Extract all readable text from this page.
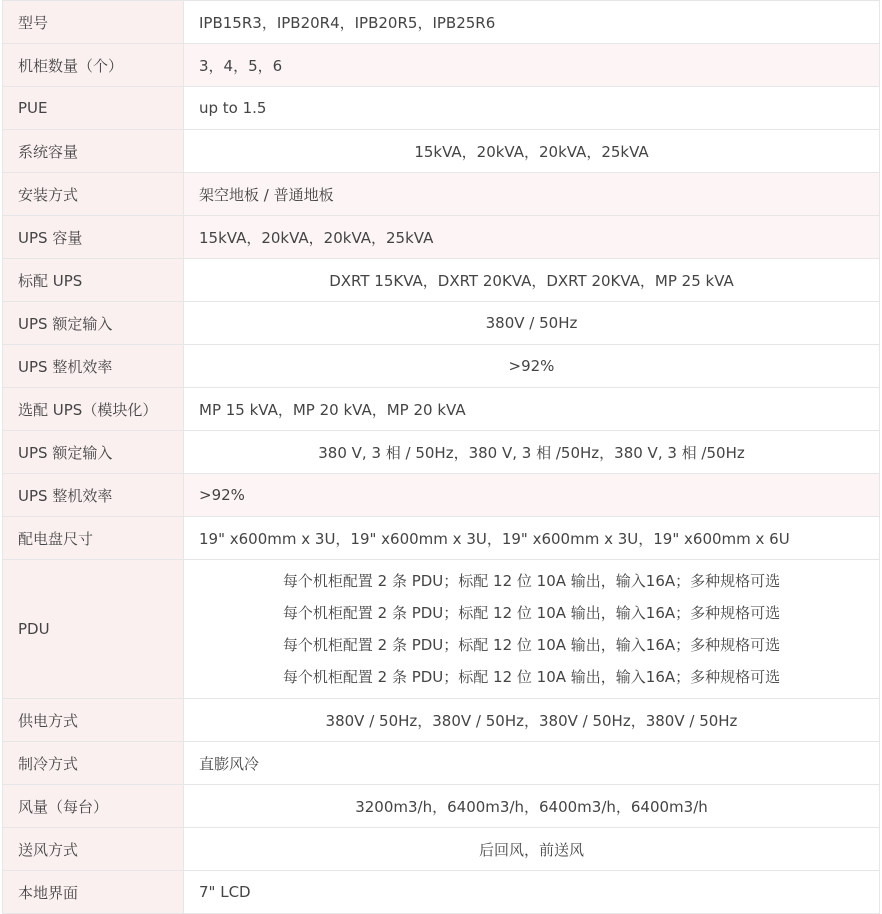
型号	IPB15R3，IPB20R4，IPB20R5，IPB25R6
机柜数量（个）	3，4，5，6
PUE	up to 1.5
系统容量	15kVA，20kVA，20kVA，25kVA
安装方式	架空地板 / 普通地板
UPS 容量	15kVA，20kVA，20kVA，25kVA
标配 UPS	DXRT 15KVA，DXRT 20KVA，DXRT 20KVA，MP 25 kVA
UPS 额定输入	380V / 50Hz
UPS 整机效率	>92%
选配 UPS（模块化）	MP 15 kVA，MP 20 kVA，MP 20 kVA
UPS 额定输入	380 V, 3 相 / 50Hz，380 V, 3 相 /50Hz，380 V, 3 相 /50Hz
UPS 整机效率	>92%
配电盘尺寸	19" x600mm x 3U，19" x600mm x 3U，19" x600mm x 3U，19" x600mm x 6U
PDU	每个机柜配置 2 条 PDU；标配 12 位 10A 输出，输入16A；多种规格可选
每个机柜配置 2 条 PDU；标配 12 位 10A 输出，输入16A；多种规格可选
每个机柜配置 2 条 PDU；标配 12 位 10A 输出，输入16A；多种规格可选
每个机柜配置 2 条 PDU；标配 12 位 10A 输出，输入16A；多种规格可选

供电方式	380V / 50Hz，380V / 50Hz，380V / 50Hz，380V / 50Hz
制冷方式	直膨风冷
风量（每台）	3200m3/h，6400m3/h，6400m3/h，6400m3/h
送风方式	后回风，前送风
本地界面	7" LCD
